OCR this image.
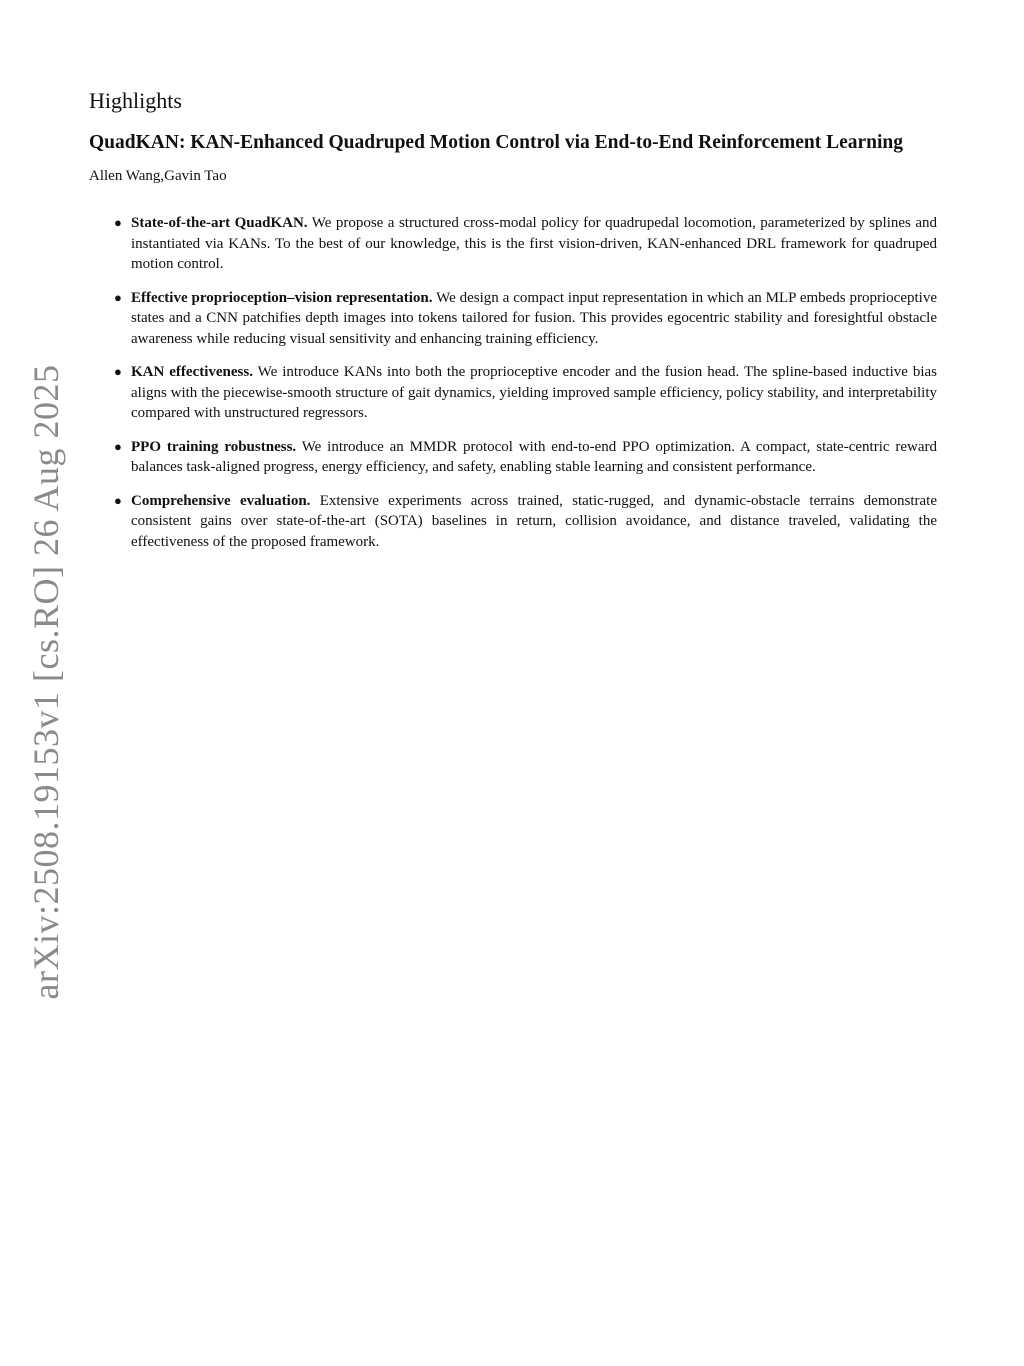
arXiv:2508.19153v1 [cs.RO] 26 Aug 2025
Highlights
QuadKAN: KAN-Enhanced Quadruped Motion Control via End-to-End Reinforcement Learning
Allen Wang,Gavin Tao
● State-of-the-art QuadKAN. We propose a structured cross-modal policy for quadrupedal locomotion, parameterized by splines and instantiated via KANs. To the best of our knowledge, this is the first vision-driven, KAN-enhanced DRL framework for quadruped motion control.
● Effective proprioception–vision representation. We design a compact input representation in which an MLP embeds proprioceptive states and a CNN patchifies depth images into tokens tailored for fusion. This provides egocentric stability and foresightful obstacle awareness while reducing visual sensitivity and enhancing training efficiency.
● KAN effectiveness. We introduce KANs into both the proprioceptive encoder and the fusion head. The spline-based inductive bias aligns with the piecewise-smooth structure of gait dynamics, yielding improved sample efficiency, policy stability, and interpretability compared with unstructured regressors.
● PPO training robustness. We introduce an MMDR protocol with end-to-end PPO optimization. A compact, state-centric reward balances task-aligned progress, energy efficiency, and safety, enabling stable learning and consistent performance.
● Comprehensive evaluation. Extensive experiments across trained, static-rugged, and dynamic-obstacle terrains demonstrate consistent gains over state-of-the-art (SOTA) baselines in return, collision avoidance, and distance traveled, validating the effectiveness of the proposed framework.
